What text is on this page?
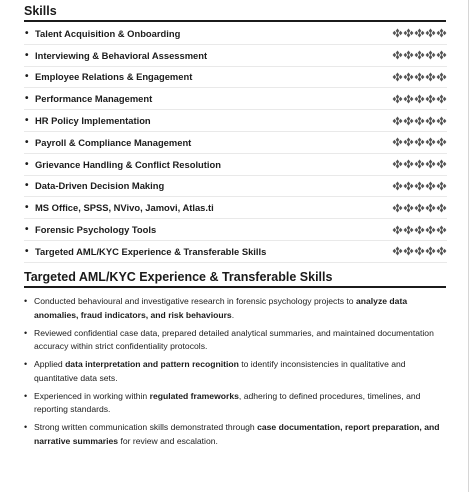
Skills
• Talent Acquisition & Onboarding
• Interviewing & Behavioral Assessment
• Employee Relations & Engagement
• Performance Management
• HR Policy Implementation
• Payroll & Compliance Management
• Grievance Handling & Conflict Resolution
• Data-Driven Decision Making
• MS Office, SPSS, NVivo, Jamovi, Atlas.ti
• Forensic Psychology Tools
• Targeted AML/KYC Experience & Transferable Skills
Targeted AML/KYC Experience & Transferable Skills
• Conducted behavioural and investigative research in forensic psychology projects to analyze data anomalies, fraud indicators, and risk behaviours.
• Reviewed confidential case data, prepared detailed analytical summaries, and maintained documentation accuracy within strict confidentiality protocols.
• Applied data interpretation and pattern recognition to identify inconsistencies in qualitative and quantitative data sets.
• Experienced in working within regulated frameworks, adhering to defined procedures, timelines, and reporting standards.
• Strong written communication skills demonstrated through case documentation, report preparation, and narrative summaries for review and escalation.
